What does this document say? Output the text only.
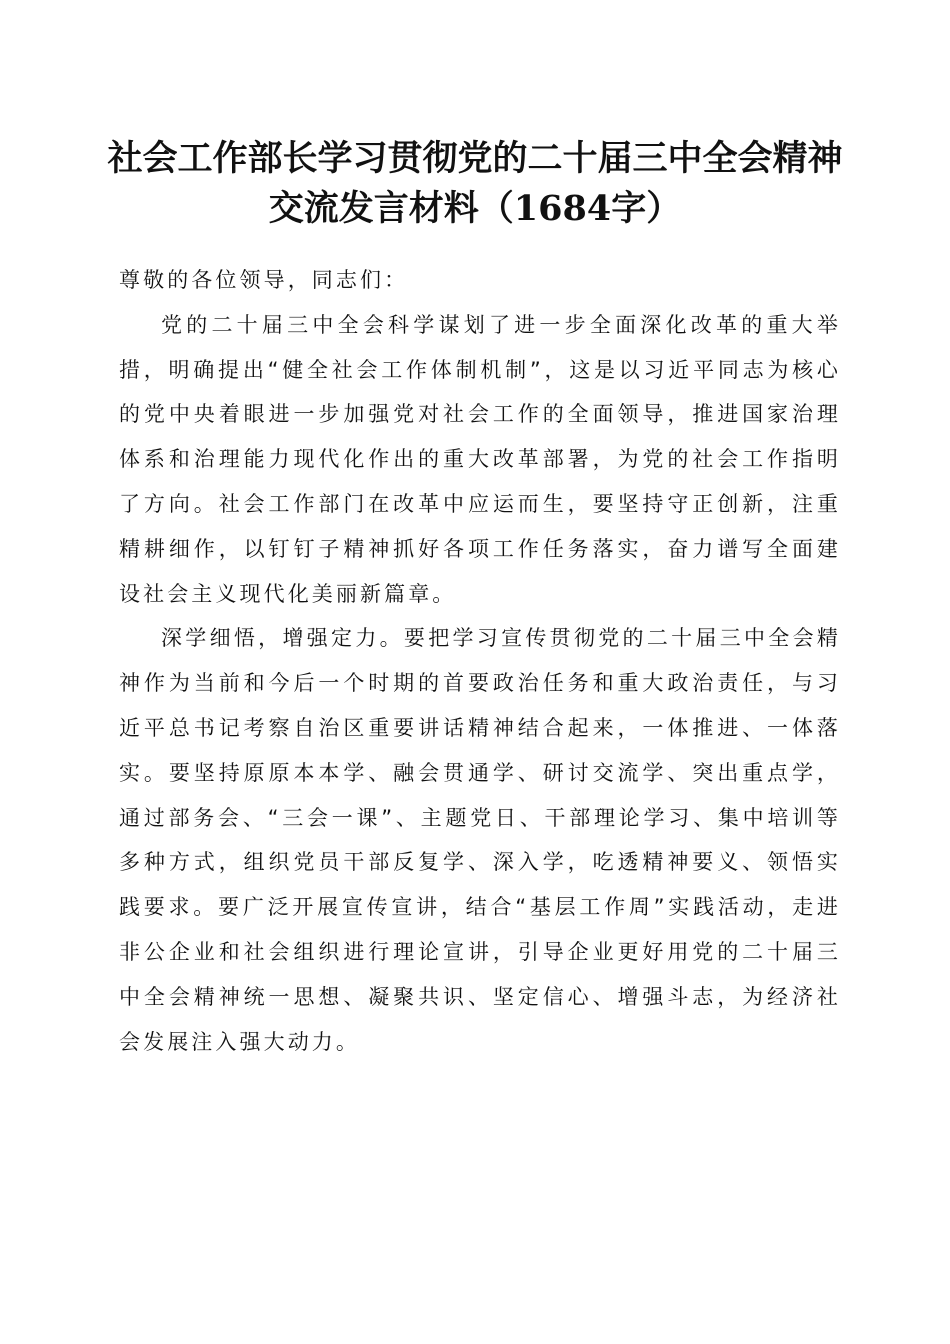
社会工作部长学习贯彻党的二十届三中全会精神交流发言材料（1684字）

尊敬的各位领导，同志们：

党的二十届三中全会科学谋划了进一步全面深化改革的重大举措，明确提出“健全社会工作体制机制”，这是以习近平同志为核心的党中央着眼进一步加强党对社会工作的全面领导，推进国家治理体系和治理能力现代化作出的重大改革部署，为党的社会工作指明了方向。社会工作部门在改革中应运而生，要坚持守正创新，注重精耕细作，以钉钉子精神抓好各项工作任务落实，奋力谱写全面建设社会主义现代化美丽新篇章。

深学细悟，增强定力。要把学习宣传贯彻党的二十届三中全会精神作为当前和今后一个时期的首要政治任务和重大政治责任，与习近平总书记考察自治区重要讲话精神结合起来，一体推进、一体落实。要坚持原原本本学、融会贯通学、研讨交流学、突出重点学，通过部务会、“三会一课”、主题党日、干部理论学习、集中培训等多种方式，组织党员干部反复学、深入学，吃透精神要义、领悟实践要求。要广泛开展宣传宣讲，结合“基层工作周”实践活动，走进非公企业和社会组织进行理论宣讲，引导企业更好用党的二十届三中全会精神统一思想、凝聚共识、坚定信心、增强斗志，为经济社会发展注入强大动力。
